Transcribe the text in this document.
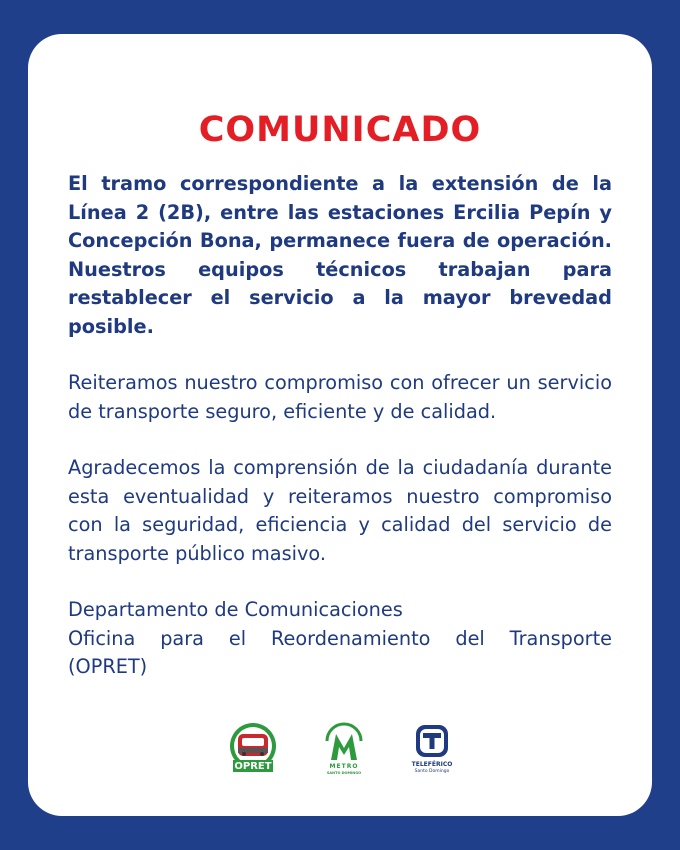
COMUNICADO

El tramo correspondiente a la extensión de la Línea 2 (2B), entre las estaciones Ercilia Pepín y Concepción Bona, permanece fuera de operación. Nuestros equipos técnicos trabajan para restablecer el servicio a la mayor brevedad posible.

Reiteramos nuestro compromiso con ofrecer un servicio de transporte seguro, eficiente y de calidad.

Agradecemos la comprensión de la ciudadanía durante esta eventualidad y reiteramos nuestro compromiso con la seguridad, eficiencia y calidad del servicio de transporte público masivo.

Departamento de Comunicaciones
Oficina para el Reordenamiento del Transporte
(OPRET)
OPRET	METRO
SANTO DOMINGO
TELEFÉRICO
Santo Domingo
